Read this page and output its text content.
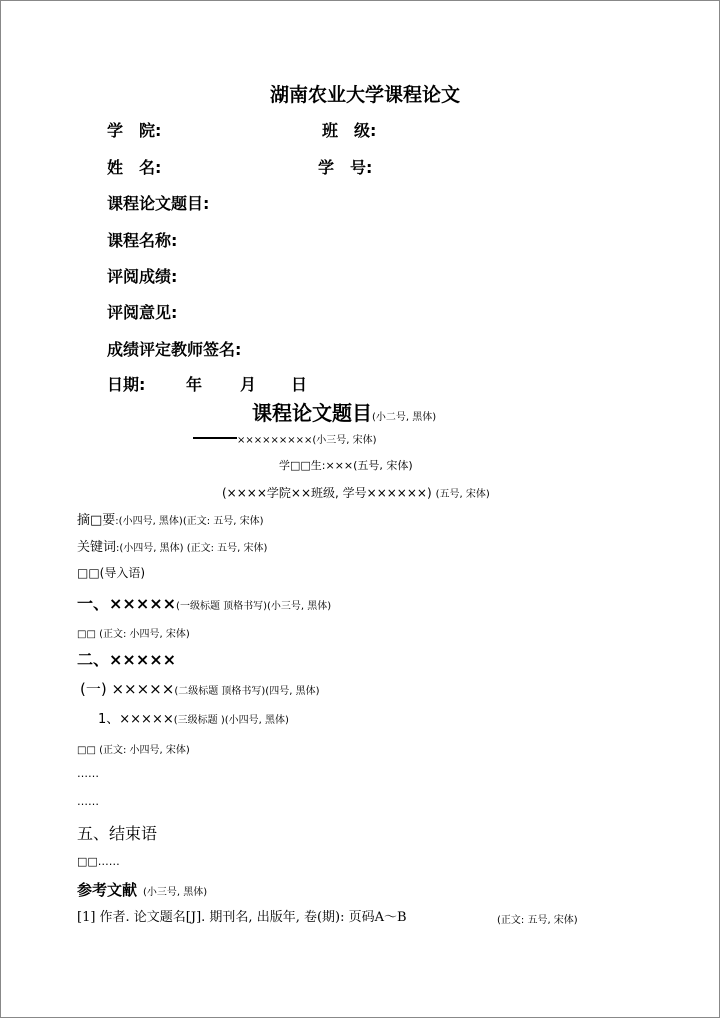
湖南农业大学课程论文
学　院:	班　级:
姓　名:	学　号:
课程论文题目:
课程名称:
评阅成绩:
评阅意见:
成绩评定教师签名:
日期:	年 月 日
课程论文题目(小二号, 黑体)
×××××××××(小三号, 宋体)
学□□生:×××(五号, 宋体)
(××××学院××班级, 学号××××××) (五号, 宋体)
摘□要:(小四号, 黑体)(正文: 五号, 宋体)
关键词:(小四号, 黑体) (正文: 五号, 宋体)
□□(导入语)
一、×××××(一级标题 顶格书写)(小三号, 黑体)
□□ (正文: 小四号, 宋体)
二、×××××
(一) ×××××(二级标题 顶格书写)(四号, 黑体)
1、×××××(三级标题 )(小四号, 黑体)
□□ (正文: 小四号, 宋体)
……
……
五、结束语
□□……
参考文献 (小三号, 黑体)
[1] 作者. 论文题名[J]. 期刊名, 出版年, 卷(期): 页码A～B	(正文: 五号, 宋体)
